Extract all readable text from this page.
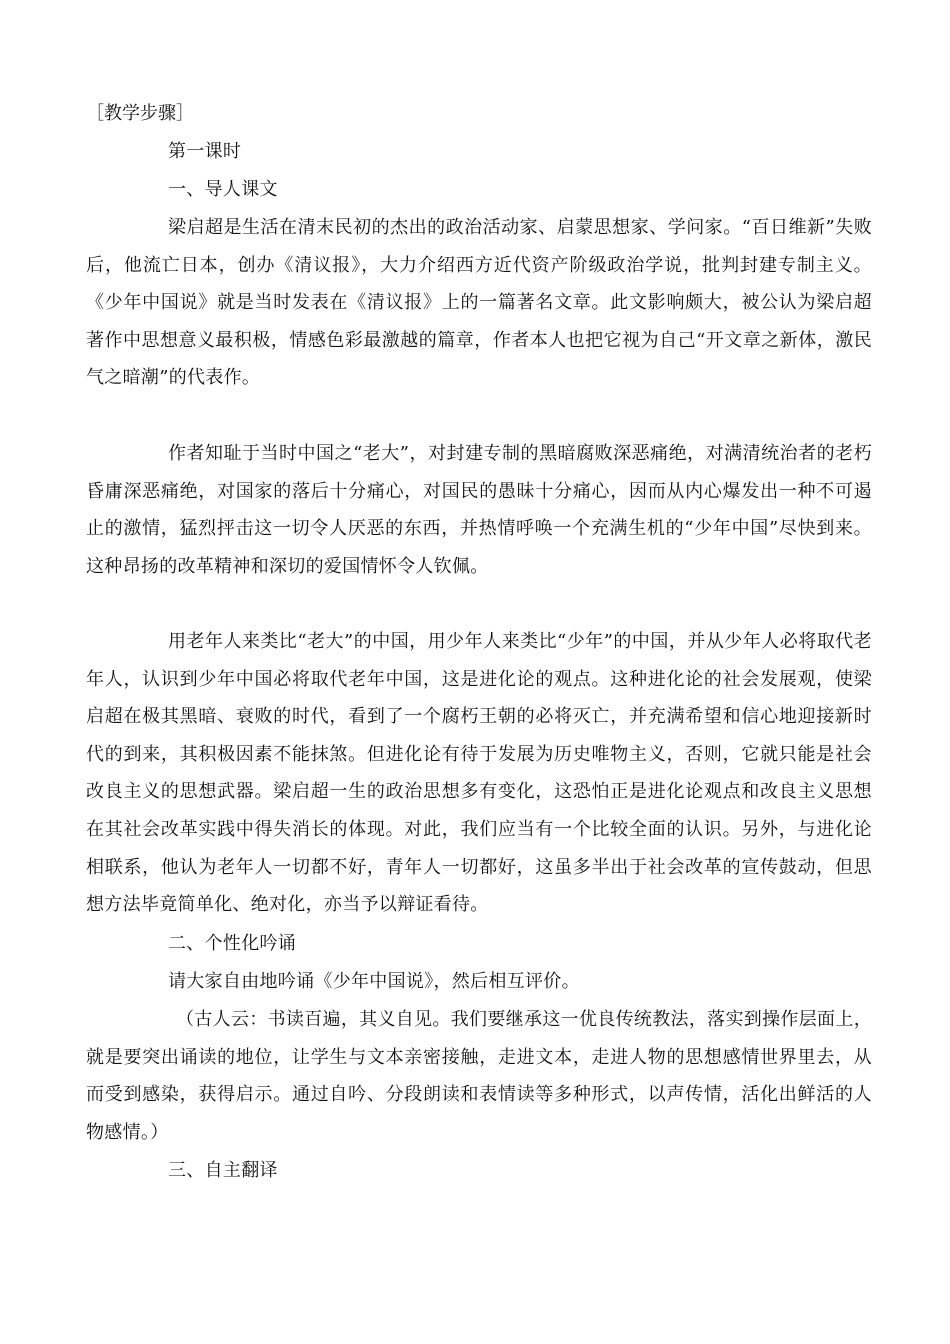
［教学步骤］

第一课时

一、导人课文

梁启超是生活在清末民初的杰出的政治活动家、启蒙思想家、学问家。“百日维新”失败后，他流亡日本，创办《清议报》，大力介绍西方近代资产阶级政治学说，批判封建专制主义。《少年中国说》就是当时发表在《清议报》上的一篇著名文章。此文影响颇大，被公认为梁启超著作中思想意义最积极，情感色彩最激越的篇章，作者本人也把它视为自己“开文章之新体，激民气之暗潮”的代表作。

作者知耻于当时中国之“老大”，对封建专制的黑暗腐败深恶痛绝，对满清统治者的老朽昏庸深恶痛绝，对国家的落后十分痛心，对国民的愚昧十分痛心，因而从内心爆发出一种不可遏止的激情，猛烈抨击这一切令人厌恶的东西，并热情呼唤一个充满生机的“少年中国”尽快到来。这种昂扬的改革精神和深切的爱国情怀令人钦佩。

用老年人来类比“老大”的中国，用少年人来类比“少年”的中国，并从少年人必将取代老年人，认识到少年中国必将取代老年中国，这是进化论的观点。这种进化论的社会发展观，使梁启超在极其黑暗、衰败的时代，看到了一个腐朽王朝的必将灭亡，并充满希望和信心地迎接新时代的到来，其积极因素不能抹煞。但进化论有待于发展为历史唯物主义，否则，它就只能是社会改良主义的思想武器。梁启超一生的政治思想多有变化，这恐怕正是进化论观点和改良主义思想在其社会改革实践中得失消长的体现。对此，我们应当有一个比较全面的认识。另外，与进化论相联系，他认为老年人一切都不好，青年人一切都好，这虽多半出于社会改革的宣传鼓动，但思想方法毕竟简单化、绝对化，亦当予以辩证看待。

二、个性化吟诵

请大家自由地吟诵《少年中国说》，然后相互评价。

（古人云：书读百遍，其义自见。我们要继承这一优良传统教法，落实到操作层面上，就是要突出诵读的地位，让学生与文本亲密接触，走进文本，走进人物的思想感情世界里去，从而受到感染，获得启示。通过自吟、分段朗读和表情读等多种形式，以声传情，活化出鲜活的人物感情。）

三、自主翻译
